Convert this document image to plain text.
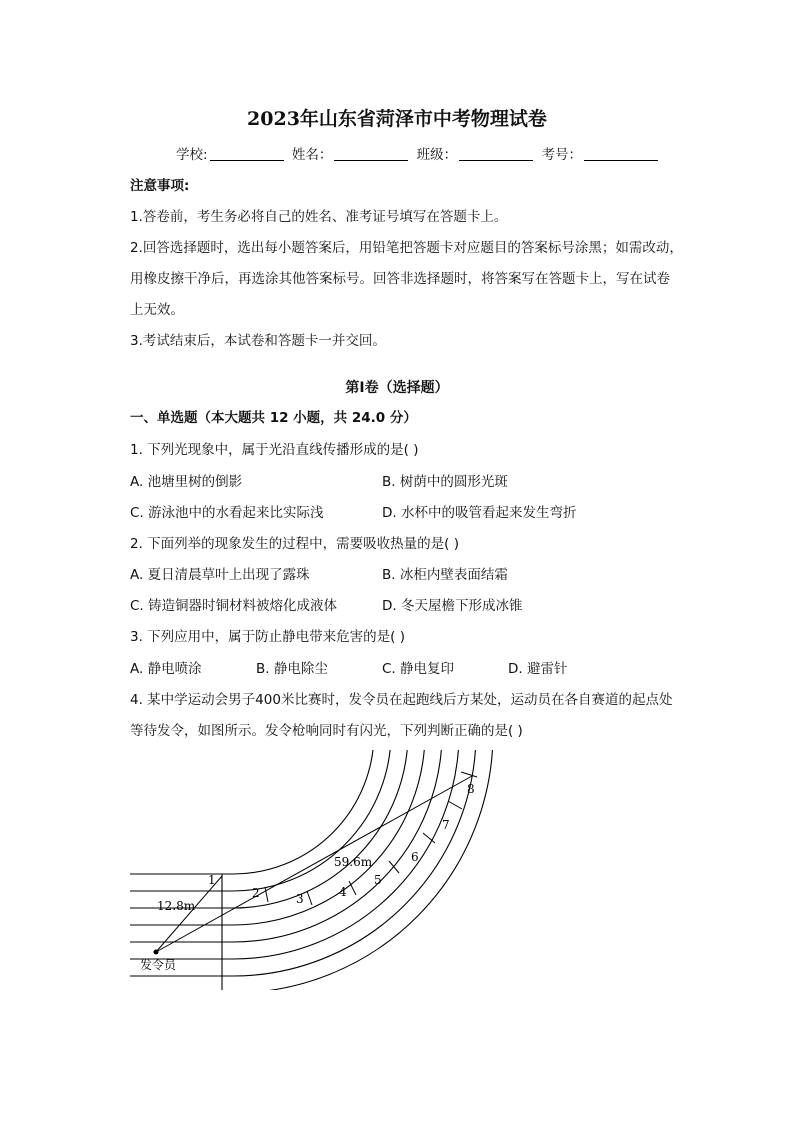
2023年山东省菏泽市中考物理试卷
学校:	姓名：	班级：	考号：
注意事项:
1.答卷前，考生务必将自己的姓名、准考证号填写在答题卡上。
2.回答选择题时，选出每小题答案后，用铅笔把答题卡对应题目的答案标号涂黑；如需改动，
用橡皮擦干净后，再选涂其他答案标号。回答非选择题时，将答案写在答题卡上，写在试卷
上无效。
3.考试结束后，本试卷和答题卡一并交回。
第Ⅰ卷（选择题）
一、单选题（本大题共 12 小题，共 24.0 分）
1. 下列光现象中，属于光沿直线传播形成的是( )
A. 池塘里树的倒影	B. 树荫中的圆形光斑
C. 游泳池中的水看起来比实际浅	D. 水杯中的吸管看起来发生弯折
2. 下面列举的现象发生的过程中，需要吸收热量的是( )
A. 夏日清晨草叶上出现了露珠	B. 冰柜内壁表面结霜
C. 铸造铜器时铜材料被熔化成液体	D. 冬天屋檐下形成冰锥
3. 下列应用中，属于防止静电带来危害的是( )
A. 静电喷涂	B. 静电除尘	C. 静电复印	D. 避雷针
4. 某中学运动会男子400米比赛时，发令员在起跑线后方某处，运动员在各自赛道的起点处
等待发令，如图所示。发令枪响同时有闪光，下列判断正确的是( )
1
2	3	4
5
6
7
8
59.6m
12.8m
发令员
